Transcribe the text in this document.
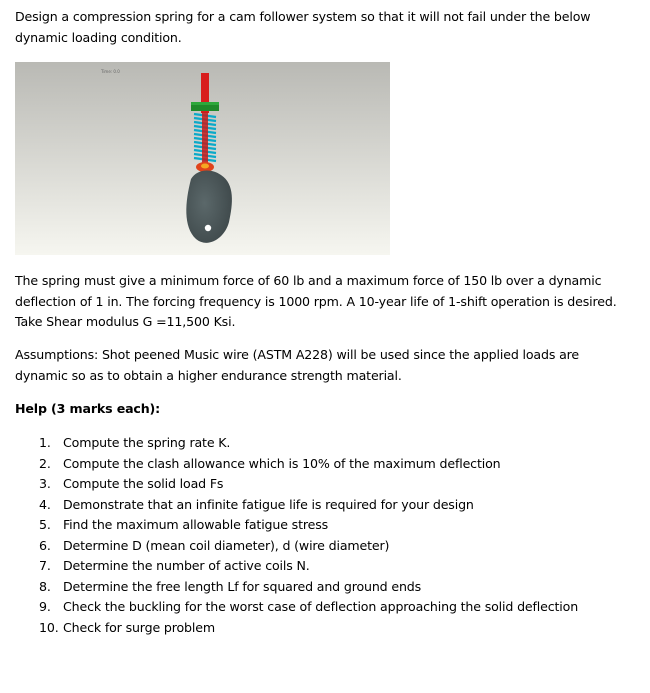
Design a compression spring for a cam follower system so that it will not fail under the below dynamic loading condition.

Time: 0.0

The spring must give a minimum force of 60 lb and a maximum force of 150 lb over a dynamic deflection of 1 in. The forcing frequency is 1000 rpm. A 10-year life of 1-shift operation is desired. Take Shear modulus G =11,500 Ksi.

Assumptions: Shot peened Music wire (ASTM A228) will be used since the applied loads are dynamic so as to obtain a higher endurance strength material.

Help (3 marks each):

1. Compute the spring rate K.
2. Compute the clash allowance which is 10% of the maximum deflection
3. Compute the solid load Fs
4. Demonstrate that an infinite fatigue life is required for your design
5. Find the maximum allowable fatigue stress
6. Determine D (mean coil diameter), d (wire diameter)
7. Determine the number of active coils N.
8. Determine the free length Lf for squared and ground ends
9. Check the buckling for the worst case of deflection approaching the solid deflection
10. Check for surge problem
